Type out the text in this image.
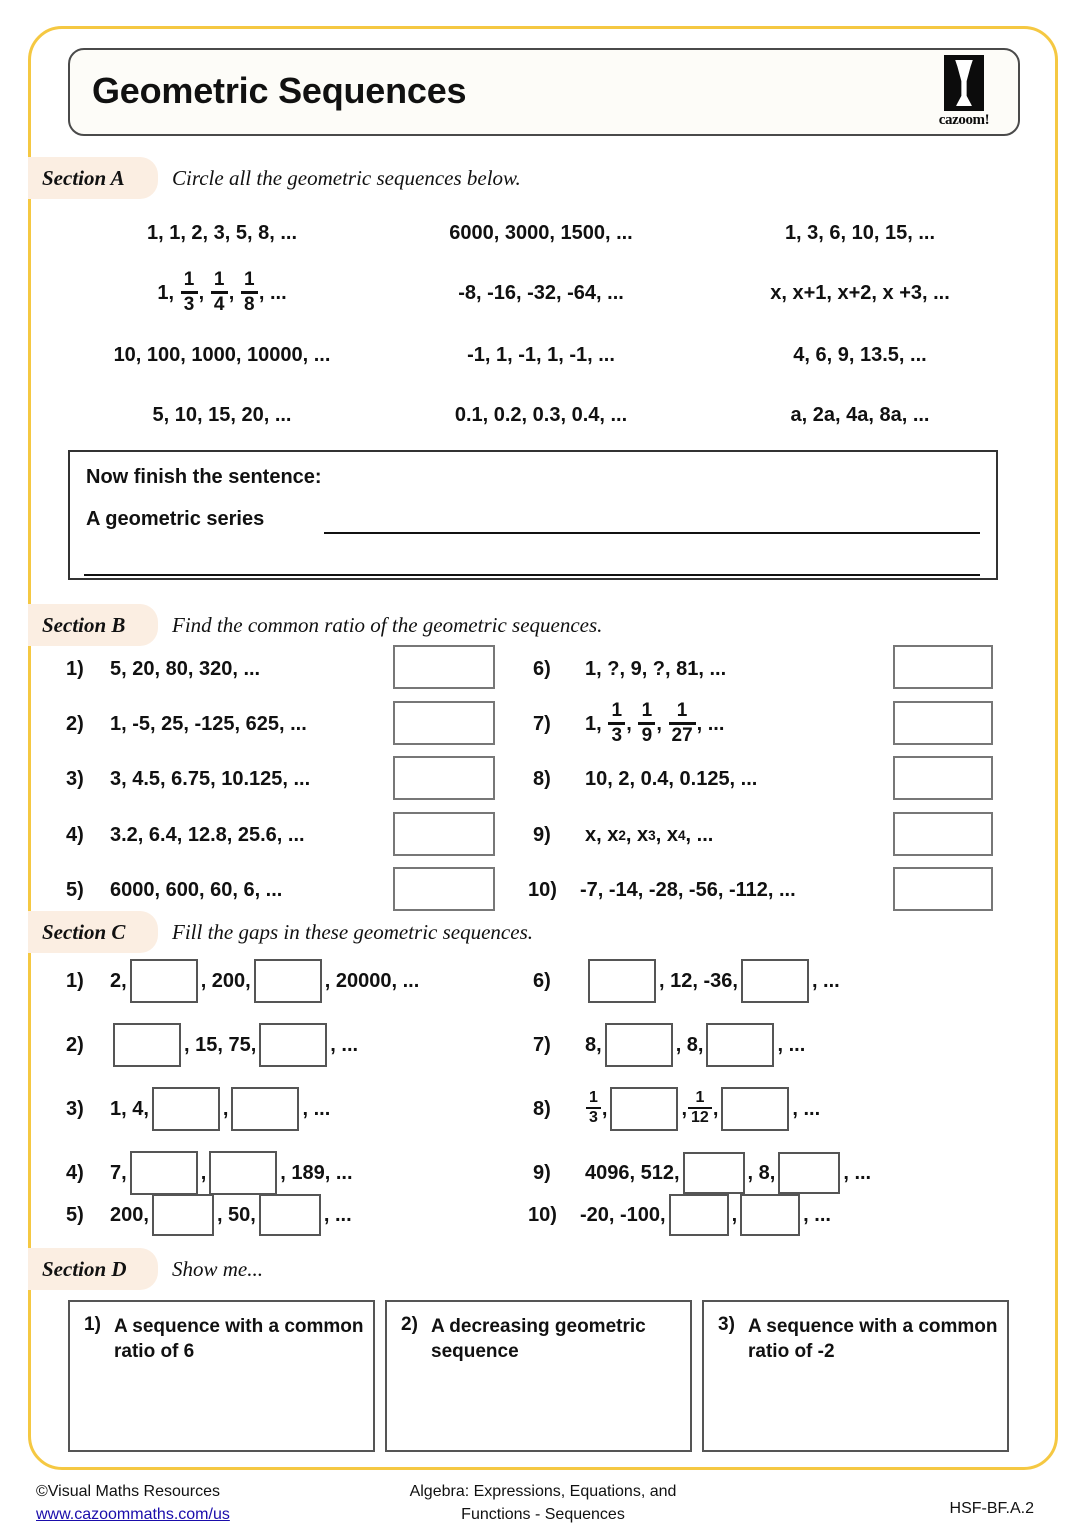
Geometric Sequences
cazoom!
Section A Circle all the geometric sequences below.
1, 1, 2, 3, 5, 8, ...	6000, 3000, 1500, ...	1, 3, 6, 10, 15, ...
1, $\frac{1}{3}$ , $\frac{1}{4}$ , $\frac{1}{8}$ , ...	-8, -16, -32, -64, ...	x, x+1, x+2, x +3, ...
10, 100, 1000, 10000, ...	-1, 1, -1, 1, -1, ...	4, 6, 9, 13.5, ...
5, 10, 15, 20, ...	0.1, 0.2, 0.3, 0.4, ...	a, 2a, 4a, 8a, ...
Now finish the sentence:
A geometric series
Section B Find the common ratio of the geometric sequences.
1)	5, 20, 80, 320, ...
2)	1, -5, 25, -125, 625, ...
3)	3, 4.5, 6.75, 10.125, ...
4)	3.2, 6.4, 12.8, 25.6, ...
5)	6000, 600, 60, 6, ...
6)	1, ?, 9, ?, 81, ...
7)	1, $\frac{1}{3}$ , $\frac{1}{9}$ , $\frac{1}{27}$ , ...
8)	10, 2, 0.4, 0.125, ...
9)	x, x 2 , x 3 , x 4 , ...
10)	-7, -14, -28, -56, -112, ...
Section C Fill the gaps in these geometric sequences.
1)	2,	, 200,	, 20000, ...
2)	, 15, 75,	, ...
3)	1, 4,	,	, ...
4)	7,	,	, 189, ...
5)	200,	, 50,	, ...
6)	, 12, -36,	, ...
7)	8,	, 8,	, ...
8)	$\frac{1}{3}$ ,	, $\frac{1}{12}$ ,	, ...
9)	4096, 512,	, 8,	, ...
10)	-20, -100,	,	, ...
Section D Show me...
1) A sequence with a common ratio of 6
2) A decreasing geometric sequence
3) A sequence with a common ratio of -2
©Visual Maths Resources
www.cazoommaths.com/us
Algebra: Expressions, Equations, and
Functions - Sequences	HSF-BF.A.2
